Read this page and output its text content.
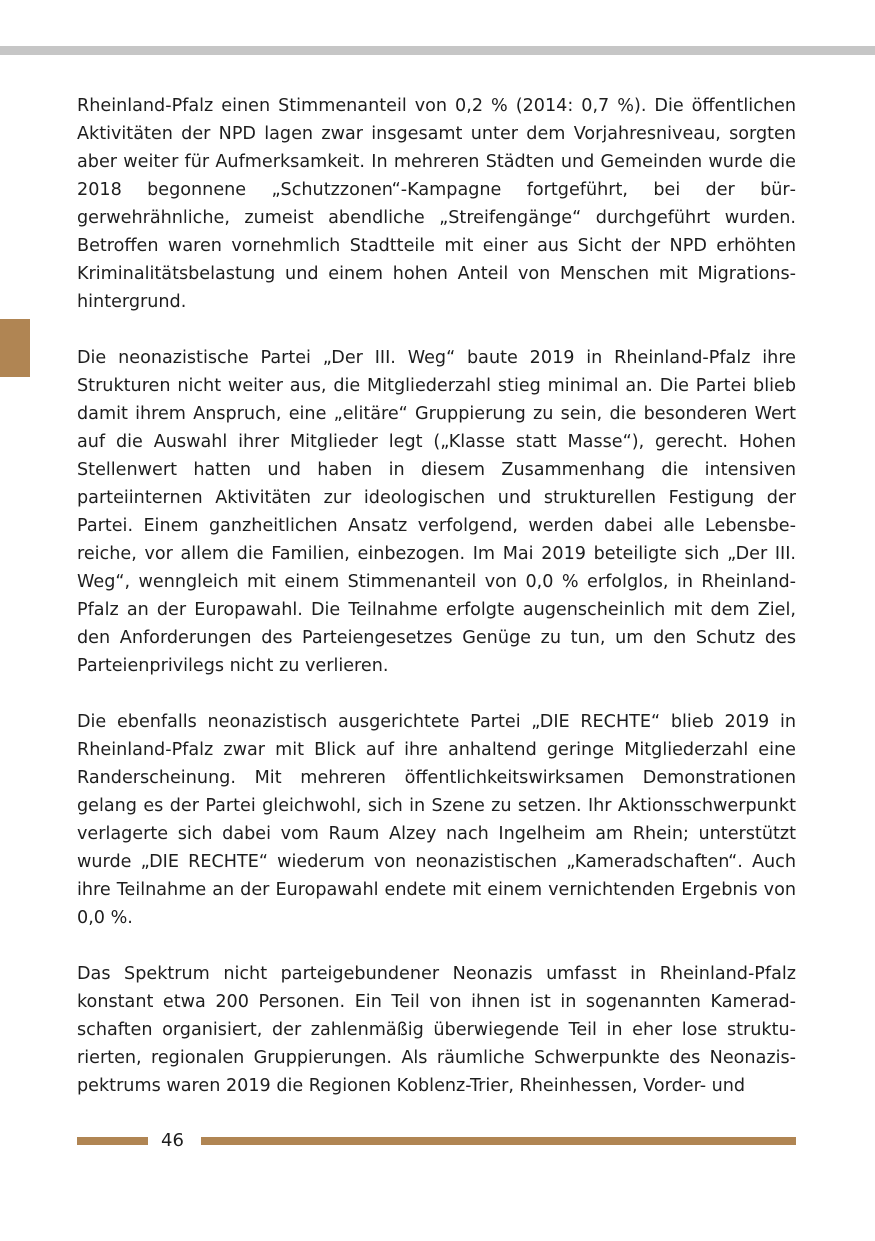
Rheinland-Pfalz einen Stimmenanteil von 0,2 % (2014: 0,7 %). Die öffentlichen Aktivitäten der NPD lagen zwar insgesamt unter dem Vorjahresniveau, sorgten aber weiter für Aufmerksamkeit. In mehreren Städten und Gemeinden wurde die 2018 begonnene „Schutzzonen“-Kampagne fortgeführt, bei der bürgerwehrähnliche, zumeist abendliche „Streifengänge“ durchgeführt wurden. Betroffen waren vornehmlich Stadtteile mit einer aus Sicht der NPD erhöhten Kriminalitätsbelastung und einem hohen Anteil von Menschen mit Migrationshintergrund.

Die neonazistische Partei „Der III. Weg“ baute 2019 in Rheinland-Pfalz ihre Strukturen nicht weiter aus, die Mitgliederzahl stieg minimal an. Die Partei blieb damit ihrem Anspruch, eine „elitäre“ Gruppierung zu sein, die besonderen Wert auf die Auswahl ihrer Mitglieder legt („Klasse statt Masse“), gerecht. Hohen Stellenwert hatten und haben in diesem Zusammenhang die intensiven parteiinternen Aktivitäten zur ideologischen und strukturellen Festigung der Partei. Einem ganzheitlichen Ansatz verfolgend, werden dabei alle Lebensbereiche, vor allem die Familien, einbezogen. Im Mai 2019 beteiligte sich „Der III. Weg“, wenngleich mit einem Stimmenanteil von 0,0 % erfolglos, in Rheinland-Pfalz an der Europawahl. Die Teilnahme erfolgte augenscheinlich mit dem Ziel, den Anforderungen des Parteiengesetzes Genüge zu tun, um den Schutz des Parteienprivilegs nicht zu verlieren.

Die ebenfalls neonazistisch ausgerichtete Partei „DIE RECHTE“ blieb 2019 in Rheinland-Pfalz zwar mit Blick auf ihre anhaltend geringe Mitgliederzahl eine Randerscheinung. Mit mehreren öffentlichkeitswirksamen Demonstrationen gelang es der Partei gleichwohl, sich in Szene zu setzen. Ihr Aktionsschwerpunkt verlagerte sich dabei vom Raum Alzey nach Ingelheim am Rhein; unterstützt wurde „DIE RECHTE“ wiederum von neonazistischen „Kameradschaften“. Auch ihre Teilnahme an der Europawahl endete mit einem vernichtenden Ergebnis von 0,0 %.

Das Spektrum nicht parteigebundener Neonazis umfasst in Rheinland-Pfalz konstant etwa 200 Personen. Ein Teil von ihnen ist in sogenannten Kameradschaften organisiert, der zahlenmäßig überwiegende Teil in eher lose strukturierten, regionalen Gruppierungen. Als räumliche Schwerpunkte des Neonazispektrums waren 2019 die Regionen Koblenz-Trier, Rheinhessen, Vorder- und

46
